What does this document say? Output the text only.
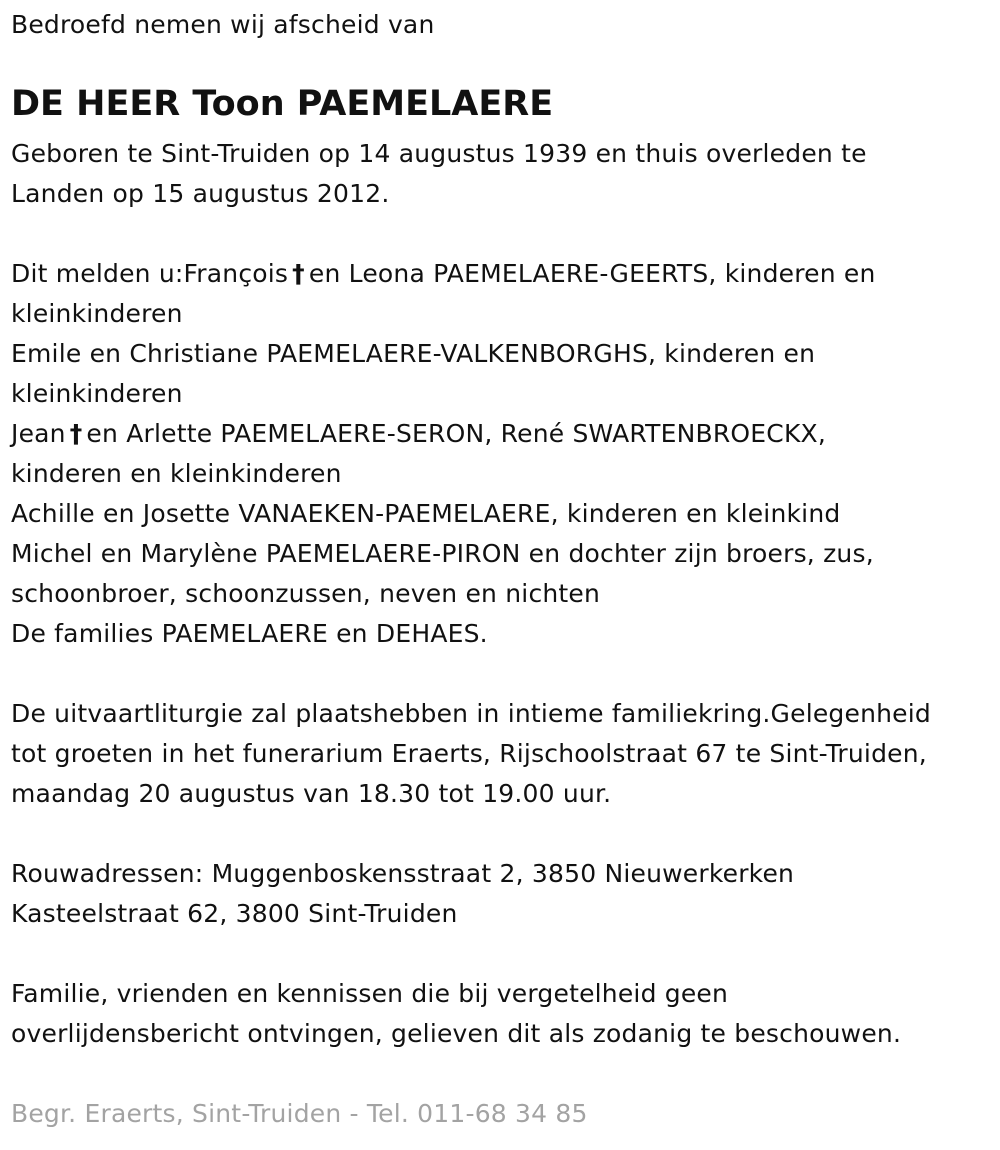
Bedroefd nemen wij afscheid van
DE HEER Toon PAEMELAERE
Geboren te Sint-Truiden op 14 augustus 1939 en thuis overleden te
Landen op 15 augustus 2012.
Dit melden u:François † en Leona PAEMELAERE-GEERTS, kinderen en
kleinkinderen
Emile en Christiane PAEMELAERE-VALKENBORGHS, kinderen en
kleinkinderen
Jean † en Arlette PAEMELAERE-SERON, René SWARTENBROECKX,
kinderen en kleinkinderen
Achille en Josette VANAEKEN-PAEMELAERE, kinderen en kleinkind
Michel en Marylène PAEMELAERE-PIRON en dochter zijn broers, zus,
schoonbroer, schoonzussen, neven en nichten
De families PAEMELAERE en DEHAES.
De uitvaartliturgie zal plaatshebben in intieme familiekring.Gelegenheid
tot groeten in het funerarium Eraerts, Rijschoolstraat 67 te Sint-Truiden,
maandag 20 augustus van 18.30 tot 19.00 uur.
Rouwadressen: Muggenboskensstraat 2, 3850 Nieuwerkerken
Kasteelstraat 62, 3800 Sint-Truiden
Familie, vrienden en kennissen die bij vergetelheid geen
overlijdensbericht ontvingen, gelieven dit als zodanig te beschouwen.
Begr. Eraerts, Sint-Truiden - Tel. 011-68 34 85
